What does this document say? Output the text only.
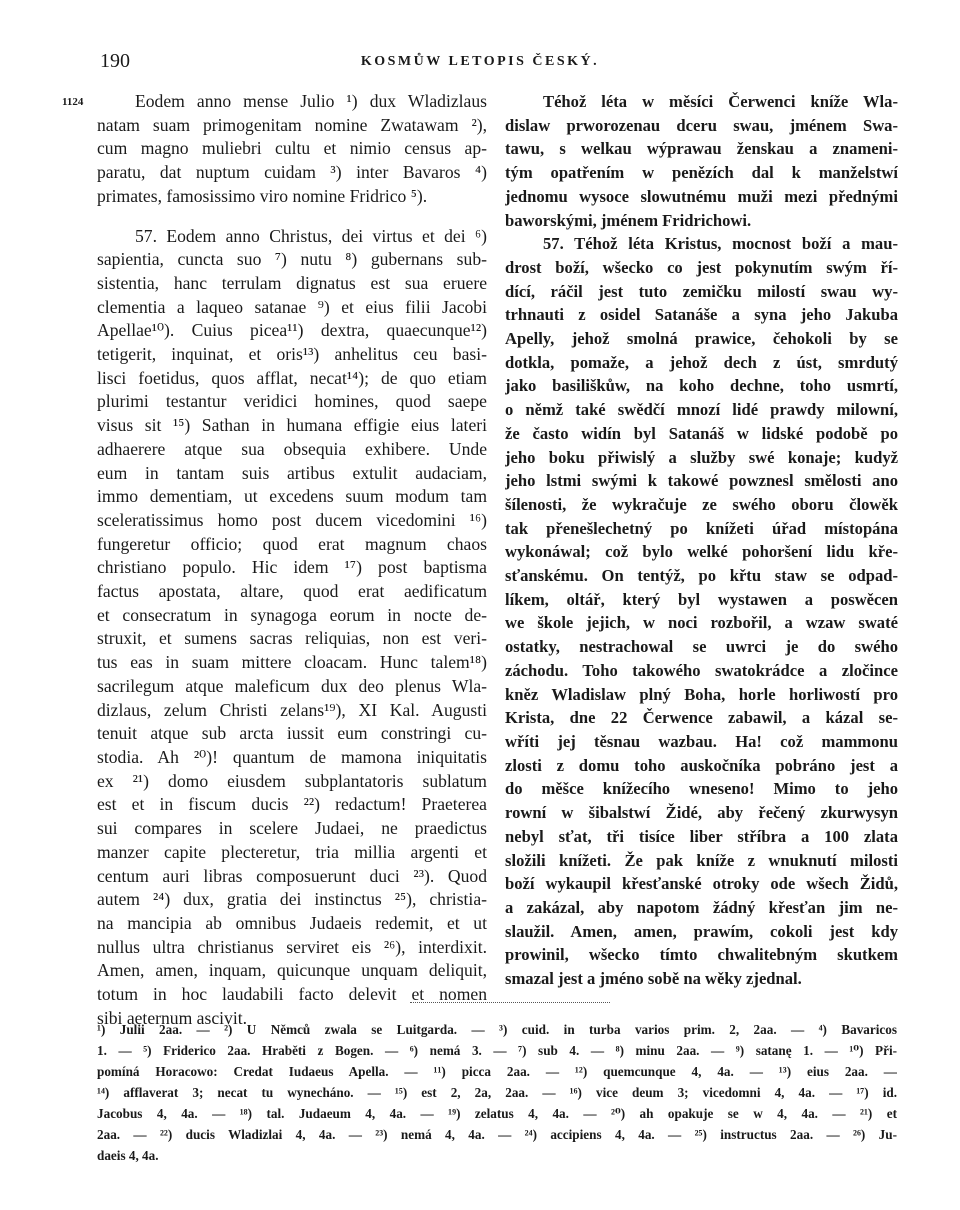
190	KOSMŮW LETOPIS ČESKÝ.
1124	Eodem anno mense Julio ¹) dux Wladizlaus
natam suam primogenitam nomine Zwatawam ²),
cum magno muliebri cultu et nimio census ap-
paratu, dat nuptum cuidam ³) inter Bavaros ⁴)
primates, famosissimo viro nomine Fridrico ⁵).
57. Eodem anno Christus, dei virtus et dei ⁶)
sapientia, cuncta suo ⁷) nutu ⁸) gubernans sub-
sistentia, hanc terrulam dignatus est sua eruere
clementia a laqueo satanae ⁹) et eius filii Jacobi
Apellae¹⁰). Cuius picea¹¹) dextra, quaecunque¹²)
tetigerit, inquinat, et oris¹³) anhelitus ceu basi-
lisci foetidus, quos afflat, necat¹⁴); de quo etiam
plurimi testantur veridici homines, quod saepe
visus sit ¹⁵) Sathan in humana effigie eius lateri
adhaerere atque sua obsequia exhibere. Unde
eum in tantam suis artibus extulit audaciam,
immo dementiam, ut excedens suum modum tam
sceleratissimus homo post ducem vicedomini ¹⁶)
fungeretur officio; quod erat magnum chaos
christiano populo. Hic idem ¹⁷) post baptisma
factus apostata, altare, quod erat aedificatum
et consecratum in synagoga eorum in nocte de-
struxit, et sumens sacras reliquias, non est veri-
tus eas in suam mittere cloacam. Hunc talem¹⁸)
sacrilegum atque maleficum dux deo plenus Wla-
dizlaus, zelum Christi zelans¹⁹), XI Kal. Augusti
tenuit atque sub arcta iussit eum constringi cu-
stodia. Ah ²⁰)! quantum de mamona iniquitatis
ex ²¹) domo eiusdem subplantatoris sublatum
est et in fiscum ducis ²²) redactum! Praeterea
sui compares in scelere Judaei, ne praedictus
manzer capite plecteretur, tria millia argenti et
centum auri libras composuerunt duci ²³). Quod
autem ²⁴) dux, gratia dei instinctus ²⁵), christia-
na mancipia ab omnibus Judaeis redemit, et ut
nullus ultra christianus serviret eis ²⁶), interdixit.
Amen, amen, inquam, quicunque unquam deliquit,
totum in hoc laudabili facto delevit et nomen
sibi aeternum ascivit.
Téhož léta w měsíci Čerwenci kníže Wla-
dislaw prworozenau dceru swau, jménem Swa-
tawu, s welkau wýprawau ženskau a znameni-
tým opatřením w penězích dal k manželstwí
jednomu wysoce slowutnému muži mezi přednými
baworskými, jménem Fridrichowi.
57. Téhož léta Kristus, mocnost boží a mau-
drost boží, wšecko co jest pokynutím swým ří-
dící, ráčil jest tuto zemičku milostí swau wy-
trhnauti z osidel Satanáše a syna jeho Jakuba
Apelly, jehož smolná prawice, čehokoli by se
dotkla, pomaže, a jehož dech z úst, smrdutý
jako basiliškůw, na koho dechne, toho usmrtí,
o němž také swědčí mnozí lidé prawdy milowní,
že často widín byl Satanáš w lidské podobě po
jeho boku přiwislý a služby swé konaje; kudyž
jeho lstmi swými k takowé powznesl smělosti ano
šílenosti, že wykračuje ze swého oboru člowěk
tak přenešlechetný po knížeti úřad místopána
wykonáwal; což bylo welké pohoršení lidu kře-
sťanskému. On tentýž, po křtu staw se odpad-
líkem, oltář, který byl wystawen a poswěcen
we škole jejich, w noci rozbořil, a wzaw swaté
ostatky, nestrachowal se uwrci je do swého
záchodu. Toho takowého swatokrádce a zločince
kněz Wladislaw plný Boha, horle horliwostí pro
Krista, dne 22 Čerwence zabawil, a kázal se-
wříti jej těsnau wazbau. Ha! což mammonu
zlosti z domu toho auskočníka pobráno jest a
do měšce knížecího wneseno! Mimo to jeho
rowní w šibalstwí Židé, aby řečený zkurwysyn
nebyl sťat, tři tisíce liber stříbra a 100 zlata
složili knížeti. Že pak kníže z wnuknutí milosti
boží wykaupil křesťanské otroky ode wšech Židů,
a zakázal, aby napotom žádný křesťan jim ne-
slaužil. Amen, amen, prawím, cokoli jest kdy
prowinil, wšecko tímto chwalitebným skutkem
smazal jest a jméno sobě na wěky zjednal.
¹) Julii 2aa. — ²) U Němců zwala se Luitgarda. — ³) cuid. in turba varios prim. 2, 2aa. — ⁴) Bavaricos
1. — ⁵) Friderico 2aa. Hraběti z Bogen. — ⁶) nemá 3. — ⁷) sub 4. — ⁸) minu 2aa. — ⁹) satanę 1. — ¹⁰) Při-
pomíná Horacowo: Credat Iudaeus Apella. — ¹¹) picca 2aa. — ¹²) quemcunque 4, 4a. — ¹³) eius 2aa. —
¹⁴) afflaverat 3; necat tu wynecháno. — ¹⁵) est 2, 2a, 2aa. — ¹⁶) vice deum 3; vicedomni 4, 4a. — ¹⁷) id.
Jacobus 4, 4a. — ¹⁸) tal. Judaeum 4, 4a. — ¹⁹) zelatus 4, 4a. — ²⁰) ah opakuje se w 4, 4a. — ²¹) et
2aa. — ²²) ducis Wladizlai 4, 4a. — ²³) nemá 4, 4a. — ²⁴) accipiens 4, 4a. — ²⁵) instructus 2aa. — ²⁶) Ju-
daeis 4, 4a.
